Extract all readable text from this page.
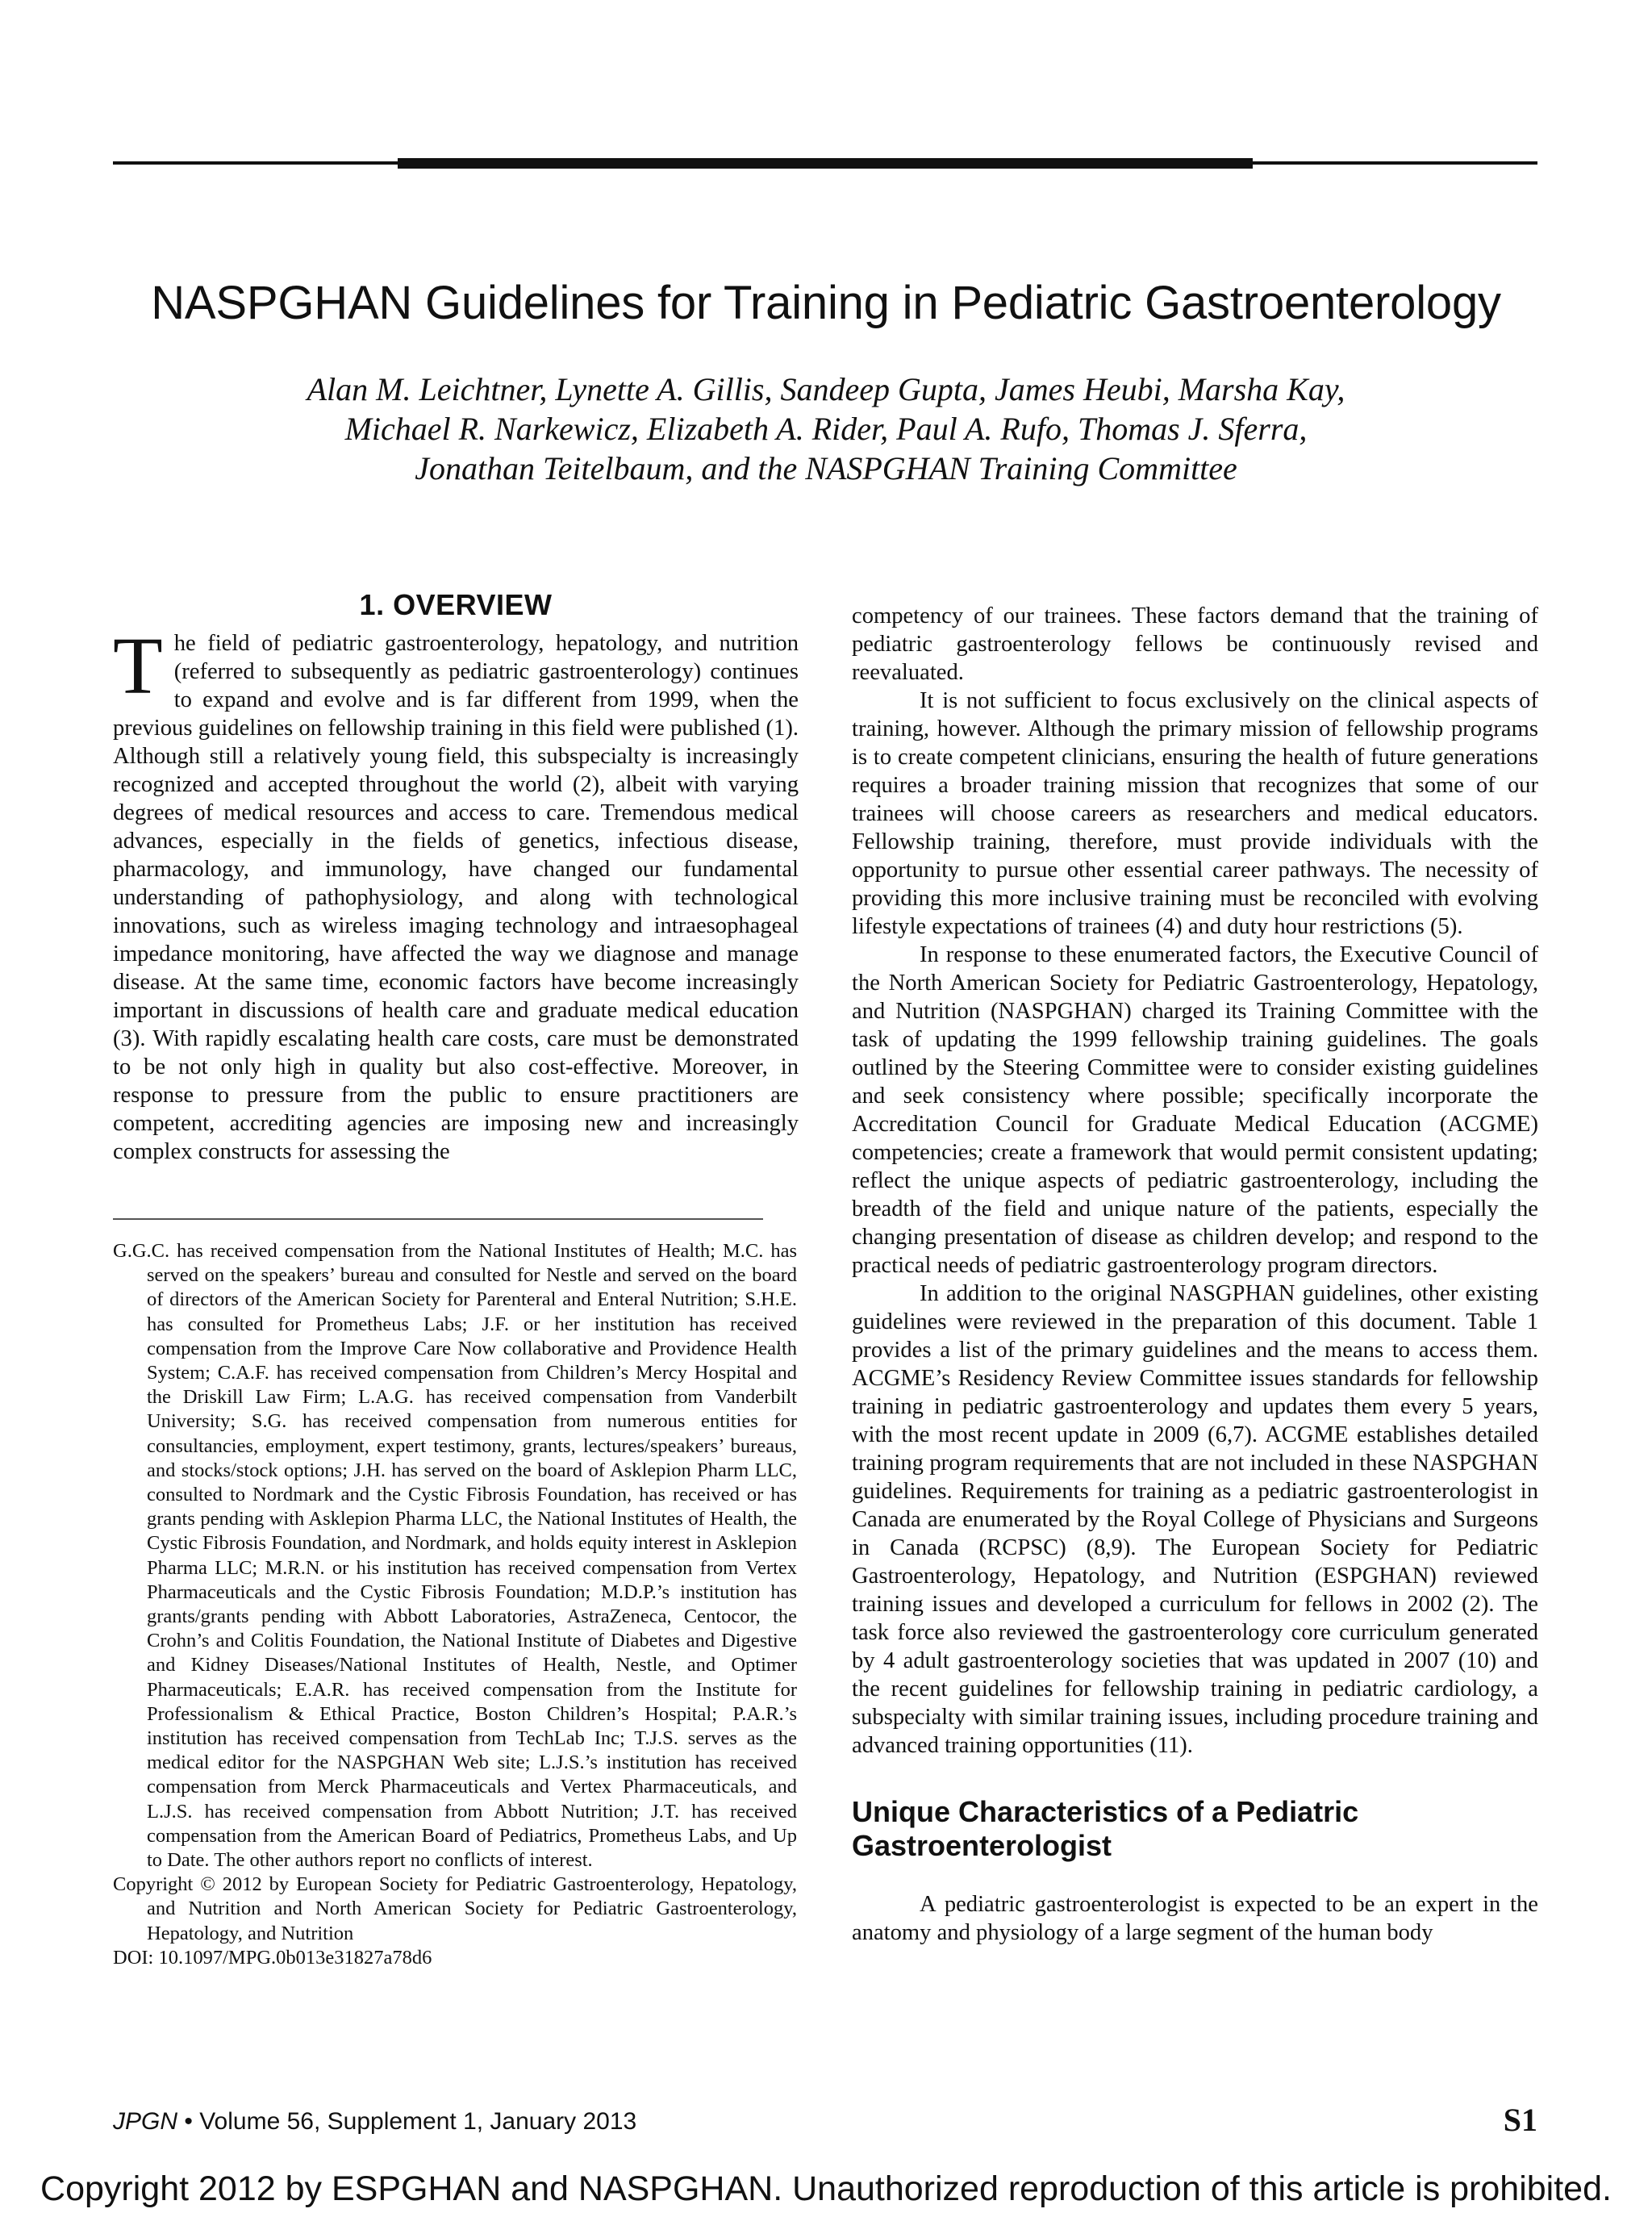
NASPGHAN Guidelines for Training in Pediatric Gastroenterology
Alan M. Leichtner, Lynette A. Gillis, Sandeep Gupta, James Heubi, Marsha Kay,
Michael R. Narkewicz, Elizabeth A. Rider, Paul A. Rufo, Thomas J. Sferra,
Jonathan Teitelbaum, and the NASPGHAN Training Committee
1. OVERVIEW

The field of pediatric gastroenterology, hepatology, and nutrition (referred to subsequently as pediatric gastroenterology) continues to expand and evolve and is far different from 1999, when the previous guidelines on fellowship training in this field were published (1). Although still a relatively young field, this subspecialty is increasingly recognized and accepted throughout the world (2), albeit with varying degrees of medical resources and access to care. Tremendous medical advances, especially in the fields of genetics, infectious disease, pharmacology, and immunology, have changed our fundamental understanding of pathophysiology, and along with technological innovations, such as wireless imaging technology and intraesophageal impedance monitoring, have affected the way we diagnose and manage disease. At the same time, economic factors have become increasingly important in discussions of health care and graduate medical education (3). With rapidly escalating health care costs, care must be demonstrated to be not only high in quality but also cost-effective. Moreover, in response to pressure from the public to ensure practitioners are competent, accrediting agencies are imposing new and increasingly complex constructs for assessing the

G.G.C. has received compensation from the National Institutes of Health; M.C. has served on the speakers’ bureau and consulted for Nestle and served on the board of directors of the American Society for Parenteral and Enteral Nutrition; S.H.E. has consulted for Prometheus Labs; J.F. or her institution has received compensation from the Improve Care Now collaborative and Providence Health System; C.A.F. has received compensation from Children’s Mercy Hospital and the Driskill Law Firm; L.A.G. has received compensation from Vanderbilt University; S.G. has received compensation from numerous entities for consultancies, employment, expert testimony, grants, lectures/speakers’ bureaus, and stocks/stock options; J.H. has served on the board of Asklepion Pharm LLC, consulted to Nordmark and the Cystic Fibrosis Foundation, has received or has grants pending with Asklepion Pharma LLC, the National Institutes of Health, the Cystic Fibrosis Foundation, and Nordmark, and holds equity interest in Asklepion Pharma LLC; M.R.N. or his institution has received compensation from Vertex Pharmaceuticals and the Cystic Fibrosis Foundation; M.D.P.’s institution has grants/grants pending with Abbott Laboratories, AstraZeneca, Centocor, the Crohn’s and Colitis Foundation, the National Institute of Diabetes and Digestive and Kidney Diseases/National Institutes of Health, Nestle, and Optimer Pharmaceuticals; E.A.R. has received compensation from the Institute for Professionalism & Ethical Practice, Boston Children’s Hospital; P.A.R.’s institution has received compensation from TechLab Inc; T.J.S. serves as the medical editor for the NASPGHAN Web site; L.J.S.’s institution has received compensation from Merck Pharmaceuticals and Vertex Pharmaceuticals, and L.J.S. has received compensation from Abbott Nutrition; J.T. has received compensation from the American Board of Pediatrics, Prometheus Labs, and Up to Date. The other authors report no conflicts of interest.

Copyright © 2012 by European Society for Pediatric Gastroenterology, Hepatology, and Nutrition and North American Society for Pediatric Gastroenterology, Hepatology, and Nutrition

DOI: 10.1097/MPG.0b013e31827a78d6

competency of our trainees. These factors demand that the training of pediatric gastroenterology fellows be continuously revised and reevaluated.

It is not sufficient to focus exclusively on the clinical aspects of training, however. Although the primary mission of fellowship programs is to create competent clinicians, ensuring the health of future generations requires a broader training mission that recognizes that some of our trainees will choose careers as researchers and medical educators. Fellowship training, therefore, must provide individuals with the opportunity to pursue other essential career pathways. The necessity of providing this more inclusive training must be reconciled with evolving lifestyle expectations of trainees (4) and duty hour restrictions (5).

In response to these enumerated factors, the Executive Council of the North American Society for Pediatric Gastroenterology, Hepatology, and Nutrition (NASPGHAN) charged its Training Committee with the task of updating the 1999 fellowship training guidelines. The goals outlined by the Steering Committee were to consider existing guidelines and seek consistency where possible; specifically incorporate the Accreditation Council for Graduate Medical Education (ACGME) competencies; create a framework that would permit consistent updating; reflect the unique aspects of pediatric gastroenterology, including the breadth of the field and unique nature of the patients, especially the changing presentation of disease as children develop; and respond to the practical needs of pediatric gastroenterology program directors.

In addition to the original NASGPHAN guidelines, other existing guidelines were reviewed in the preparation of this document. Table 1 provides a list of the primary guidelines and the means to access them. ACGME’s Residency Review Committee issues standards for fellowship training in pediatric gastroenterology and updates them every 5 years, with the most recent update in 2009 (6,7). ACGME establishes detailed training program requirements that are not included in these NASPGHAN guidelines. Requirements for training as a pediatric gastroenterologist in Canada are enumerated by the Royal College of Physicians and Surgeons in Canada (RCPSC) (8,9). The European Society for Pediatric Gastroenterology, Hepatology, and Nutrition (ESPGHAN) reviewed training issues and developed a curriculum for fellows in 2002 (2). The task force also reviewed the gastroenterology core curriculum generated by 4 adult gastroenterology societies that was updated in 2007 (10) and the recent guidelines for fellowship training in pediatric cardiology, a subspecialty with similar training issues, including procedure training and advanced training opportunities (11).

Unique Characteristics of a Pediatric Gastroenterologist

A pediatric gastroenterologist is expected to be an expert in the anatomy and physiology of a large segment of the human body

JPGN • Volume 56, Supplement 1, January 2013	S1
Copyright 2012 by ESPGHAN and NASPGHAN. Unauthorized reproduction of this article is prohibited.
